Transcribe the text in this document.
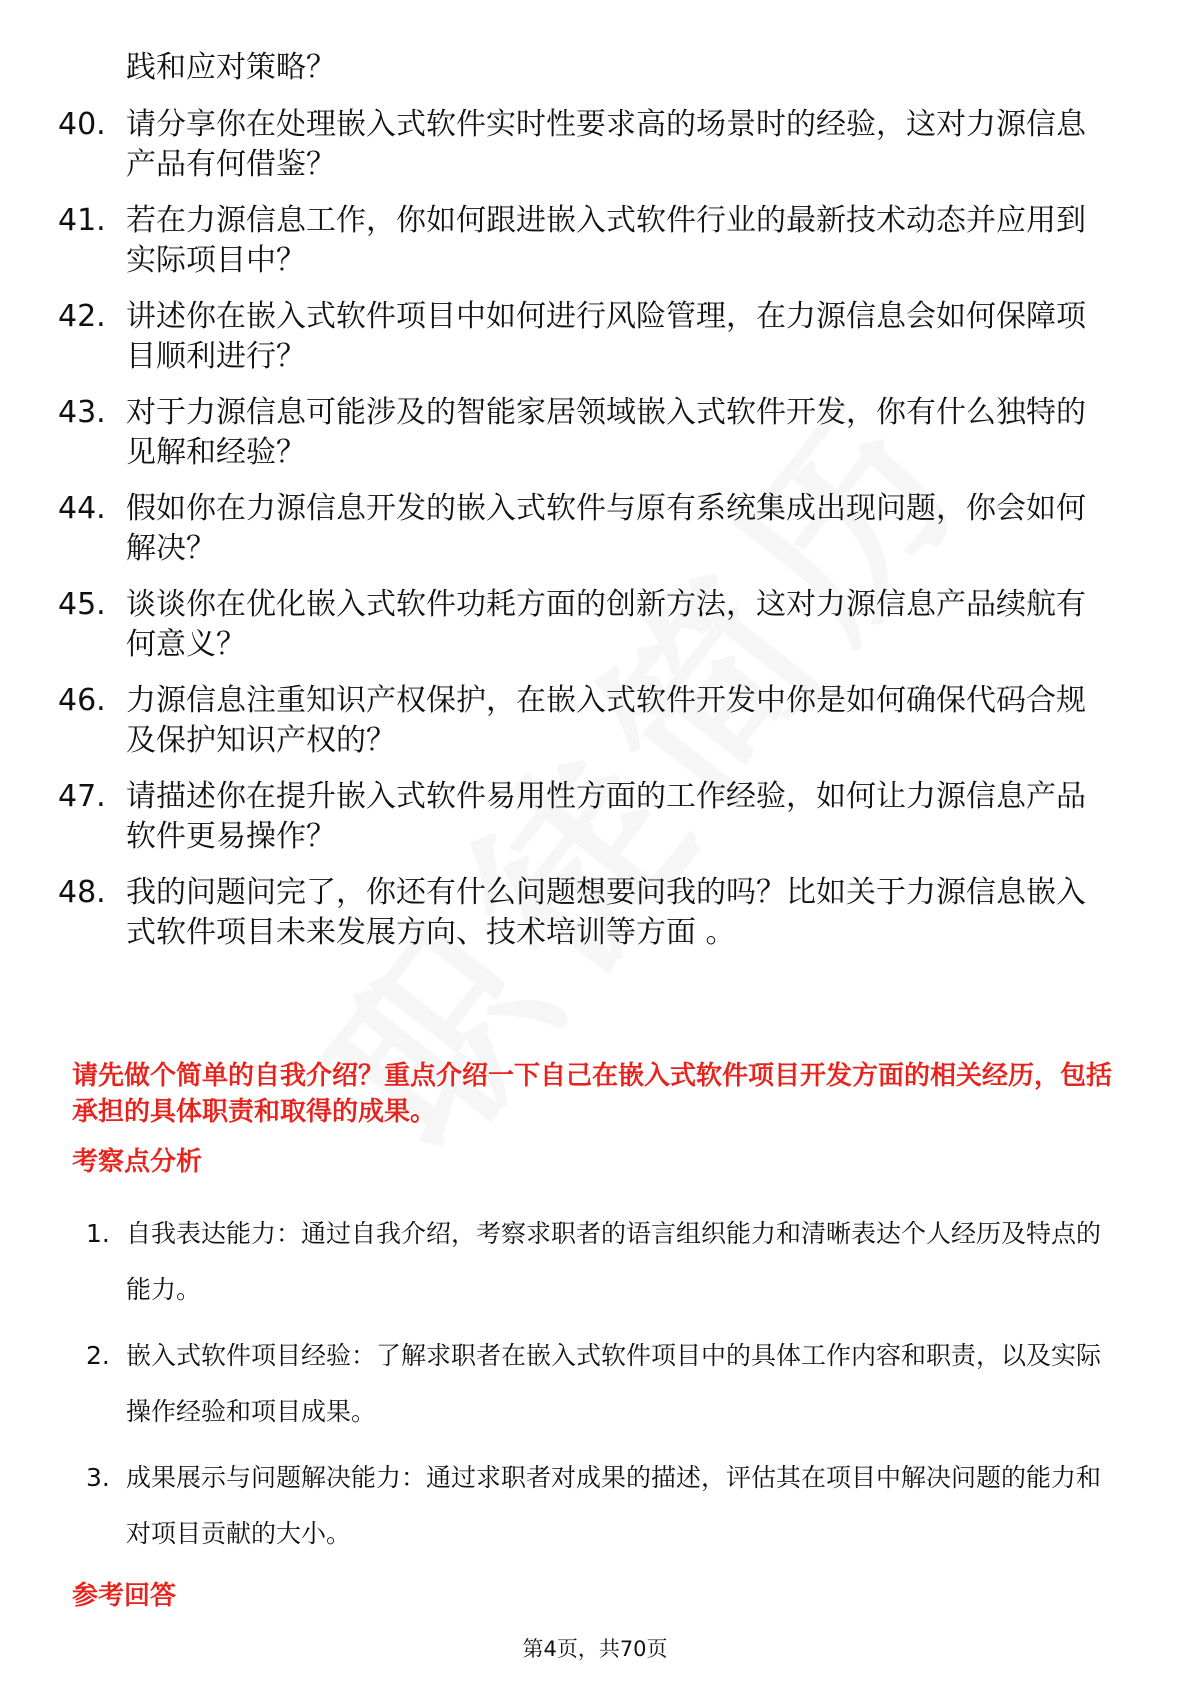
践和应对策略？
40. 请分享你在处理嵌入式软件实时性要求高的场景时的经验，这对力源信息产品有何借鉴？
41. 若在力源信息工作，你如何跟进嵌入式软件行业的最新技术动态并应用到实际项目中？
42. 讲述你在嵌入式软件项目中如何进行风险管理，在力源信息会如何保障项目顺利进行？
43. 对于力源信息可能涉及的智能家居领域嵌入式软件开发，你有什么独特的见解和经验？
44. 假如你在力源信息开发的嵌入式软件与原有系统集成出现问题，你会如何解决？
45. 谈谈你在优化嵌入式软件功耗方面的创新方法，这对力源信息产品续航有何意义？
46. 力源信息注重知识产权保护，在嵌入式软件开发中你是如何确保代码合规及保护知识产权的？
47. 请描述你在提升嵌入式软件易用性方面的工作经验，如何让力源信息产品软件更易操作？
48. 我的问题问完了，你还有什么问题想要问我的吗？比如关于力源信息嵌入式软件项目未来发展方向、技术培训等方面 。
请先做个简单的自我介绍？重点介绍一下自己在嵌入式软件项目开发方面的相关经历，包括承担的具体职责和取得的成果。
考察点分析
1. 自我表达能力：通过自我介绍，考察求职者的语言组织能力和清晰表达个人经历及特点的能力。
2. 嵌入式软件项目经验：了解求职者在嵌入式软件项目中的具体工作内容和职责，以及实际操作经验和项目成果。
3. 成果展示与问题解决能力：通过求职者对成果的描述，评估其在项目中解决问题的能力和对项目贡献的大小。
参考回答
第4页，共70页
